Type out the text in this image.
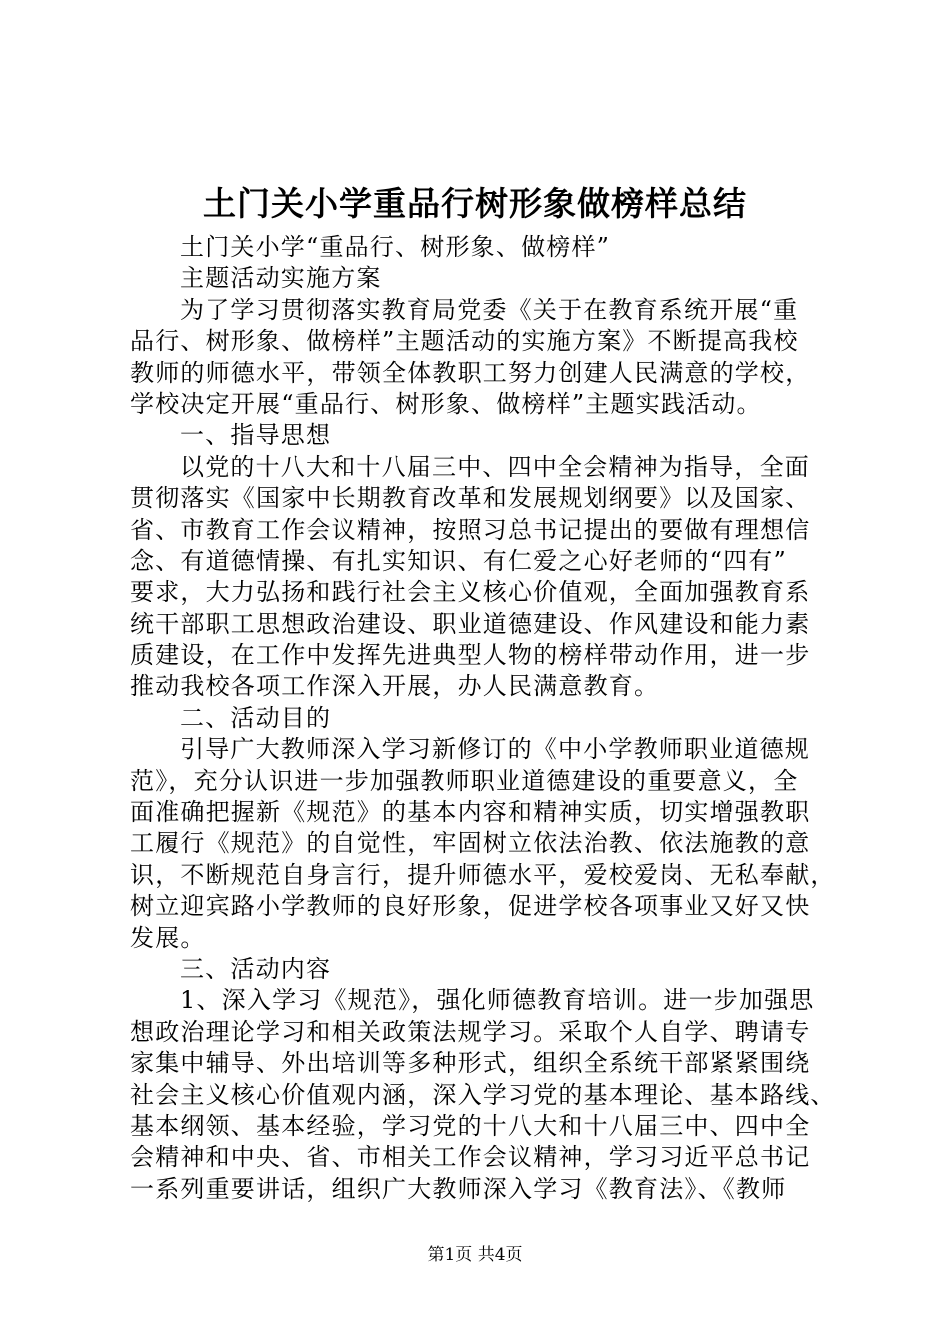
土门关小学重品行树形象做榜样总结
土门关小学“重品行、树形象、做榜样”
主题活动实施方案
为了学习贯彻落实教育局党委《关于在教育系统开展“重
品行、树形象、做榜样”主题活动的实施方案》不断提高我校
教师的师德水平，带领全体教职工努力创建人民满意的学校，
学校决定开展“重品行、树形象、做榜样”主题实践活动。
一、指导思想
以党的十八大和十八届三中、四中全会精神为指导，全面
贯彻落实《国家中长期教育改革和发展规划纲要》以及国家、
省、市教育工作会议精神，按照习总书记提出的要做有理想信
念、有道德情操、有扎实知识、有仁爱之心好老师的“四有”
要求，大力弘扬和践行社会主义核心价值观，全面加强教育系
统干部职工思想政治建设、职业道德建设、作风建设和能力素
质建设，在工作中发挥先进典型人物的榜样带动作用，进一步
推动我校各项工作深入开展，办人民满意教育。
二、活动目的
引导广大教师深入学习新修订的《中小学教师职业道德规
范》，充分认识进一步加强教师职业道德建设的重要意义，全
面准确把握新《规范》的基本内容和精神实质，切实增强教职
工履行《规范》的自觉性，牢固树立依法治教、依法施教的意
识，不断规范自身言行，提升师德水平，爱校爱岗、无私奉献，
树立迎宾路小学教师的良好形象，促进学校各项事业又好又快
发展。
三、活动内容
1、深入学习《规范》，强化师德教育培训。进一步加强思
想政治理论学习和相关政策法规学习。采取个人自学、聘请专
家集中辅导、外出培训等多种形式，组织全系统干部紧紧围绕
社会主义核心价值观内涵，深入学习党的基本理论、基本路线、
基本纲领、基本经验，学习党的十八大和十八届三中、四中全
会精神和中央、省、市相关工作会议精神，学习习近平总书记
一系列重要讲话，组织广大教师深入学习《教育法》、《教师
第1页 共4页
